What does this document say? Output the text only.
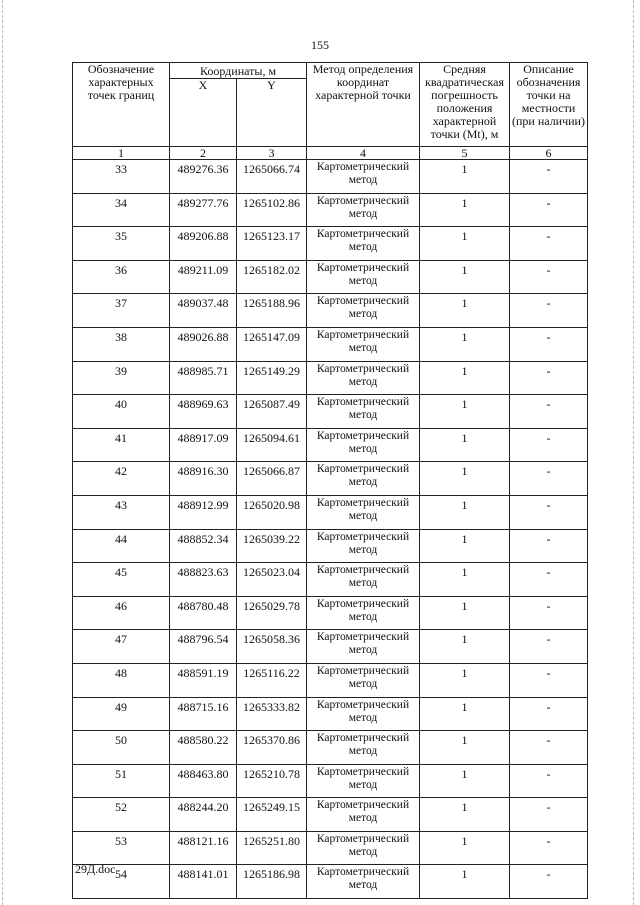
155
Обозначение характерных точек границ	Координаты, м		Метод определения координат характерной точки	Средняя квадратическая погрешность положения характерной точки (Mt), м	Описание обозначения точки на местности (при наличии)
	X	Y			
1	2	3	4	5	6
33	489276.36	1265066.74	Картометрический метод	1	-
34	489277.76	1265102.86	Картометрический метод	1	-
35	489206.88	1265123.17	Картометрический метод	1	-
36	489211.09	1265182.02	Картометрический метод	1	-
37	489037.48	1265188.96	Картометрический метод	1	-
38	489026.88	1265147.09	Картометрический метод	1	-
39	488985.71	1265149.29	Картометрический метод	1	-
40	488969.63	1265087.49	Картометрический метод	1	-
41	488917.09	1265094.61	Картометрический метод	1	-
42	488916.30	1265066.87	Картометрический метод	1	-
43	488912.99	1265020.98	Картометрический метод	1	-
44	488852.34	1265039.22	Картометрический метод	1	-
45	488823.63	1265023.04	Картометрический метод	1	-
46	488780.48	1265029.78	Картометрический метод	1	-
47	488796.54	1265058.36	Картометрический метод	1	-
48	488591.19	1265116.22	Картометрический метод	1	-
49	488715.16	1265333.82	Картометрический метод	1	-
50	488580.22	1265370.86	Картометрический метод	1	-
51	488463.80	1265210.78	Картометрический метод	1	-
52	488244.20	1265249.15	Картометрический метод	1	-
53	488121.16	1265251.80	Картометрический метод	1	-
54	488141.01	1265186.98	Картометрический метод	1	-
29Д.doc
